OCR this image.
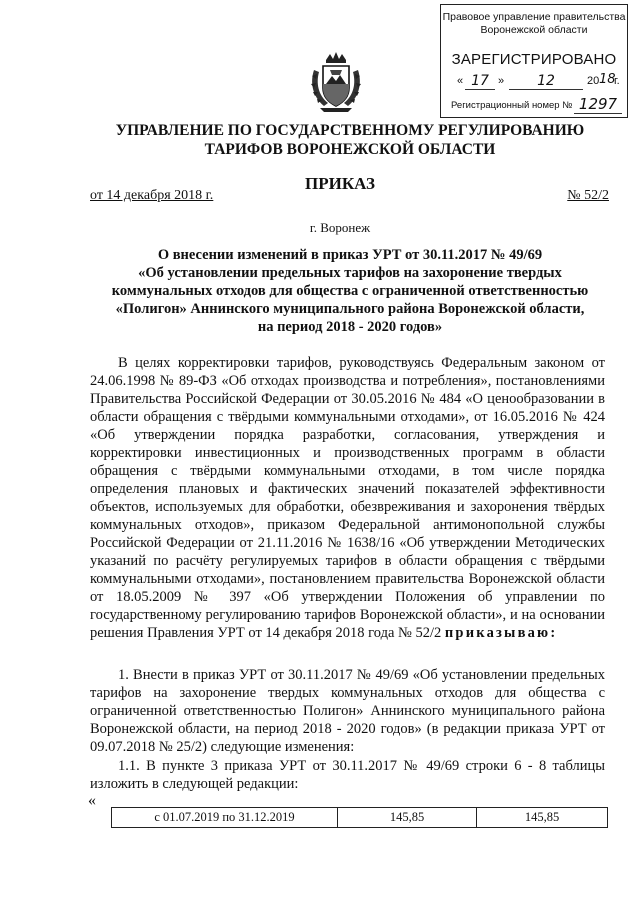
Правовое управление правительства
Воронежской области
ЗАРЕГИСТРИРОВАНО
« 17 »	12	20 18
г.
Регистрационный номер № 1297
УПРАВЛЕНИЕ ПО ГОСУДАРСТВЕННОМУ РЕГУЛИРОВАНИЮ
ТАРИФОВ ВОРОНЕЖСКОЙ ОБЛАСТИ
ПРИКАЗ
от 14 декабря 2018 г.	№ 52/2
г. Воронеж
О внесении изменений в приказ УРТ от 30.11.2017 № 49/69
«Об установлении предельных тарифов на захоронение твердых
коммунальных отходов для общества с ограниченной ответственностью
«Полигон» Аннинского муниципального района Воронежской области,
на период 2018 - 2020 годов»

В целях корректировки тарифов, руководствуясь Федеральным законом от 24.06.1998 № 89-ФЗ «Об отходах производства и потребления», постановлениями Правительства Российской Федерации от 30.05.2016 № 484 «О ценообразовании в области обращения с твёрдыми коммунальными отходами», от 16.05.2016 № 424 «Об утверждении порядка разработки, согласования, утверждения и корректировки инвестиционных и производственных программ в области обращения с твёрдыми коммунальными отходами, в том числе порядка определения плановых и фактических значений показателей эффективности объектов, используемых для обработки, обезвреживания и захоронения твёрдых коммунальных отходов», приказом Федеральной антимонопольной службы Российской Федерации от 21.11.2016 № 1638/16 «Об утверждении Методических указаний по расчёту регулируемых тарифов в области обращения с твёрдыми коммунальными отходами», постановлением правительства Воронежской области от 18.05.2009 № 397 «Об утверждении Положения об управлении по государственному регулированию тарифов Воронежской области», и на основании решения Правления УРТ от 14 декабря 2018 года № 52/2 приказываю:

1. Внести в приказ УРТ от 30.11.2017 № 49/69 «Об установлении предельных тарифов на захоронение твердых коммунальных отходов для общества с ограниченной ответственностью Полигон» Аннинского муниципального района Воронежской области, на период 2018 - 2020 годов» (в редакции приказа УРТ от 09.07.2018 № 25/2) следующие изменения:

1.1. В пункте 3 приказа УРТ от 30.11.2017 № 49/69 строки 6 - 8 таблицы изложить в следующей редакции:

«
с 01.07.2019 по 31.12.2019	145,85	145,85
